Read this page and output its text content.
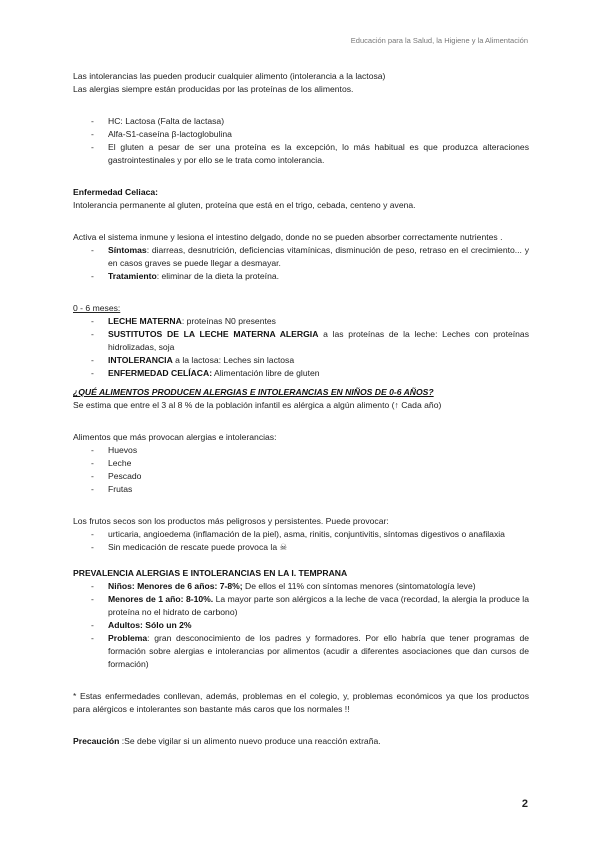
Educación para la Salud, la Higiene y la Alimentación

Las intolerancias las pueden producir cualquier alimento (intolerancia a la lactosa)

Las alergias siempre están producidas por las proteínas de los alimentos.

- HC: Lactosa (Falta de lactasa)
- Alfa-S1-caseína β-lactoglobulina
- El gluten a pesar de ser una proteína es la excepción, lo más habitual es que produzca alteraciones gastrointestinales y por ello se le trata como intolerancia.

Enfermedad Celiaca:

Intolerancia permanente al gluten, proteína que está en el trigo, cebada, centeno y avena.

Activa el sistema inmune y lesiona el intestino delgado, donde no se pueden absorber correctamente nutrientes .

- Síntomas: diarreas, desnutrición, deficiencias vitamínicas, disminución de peso, retraso en el crecimiento... y en casos graves se puede llegar a desmayar.
- Tratamiento: eliminar de la dieta la proteína.

0 - 6 meses:

- LECHE MATERNA: proteínas N0 presentes
- SUSTITUTOS DE LA LECHE MATERNA ALERGIA a las proteínas de la leche: Leches con proteínas hidrolizadas, soja
- INTOLERANCIA a la lactosa: Leches sin lactosa
- ENFERMEDAD CELÍACA: Alimentación libre de gluten

¿QUÉ ALIMENTOS PRODUCEN ALERGIAS E INTOLERANCIAS EN NIÑOS DE 0-6 AÑOS?

Se estima que entre el 3 al 8 % de la población infantil es alérgica a algún alimento (↑ Cada año)

Alimentos que más provocan alergias e intolerancias:

- Huevos
- Leche
- Pescado
- Frutas

Los frutos secos son los productos más peligrosos y persistentes. Puede provocar:

- urticaria, angioedema (inflamación de la piel), asma, rinitis, conjuntivitis, síntomas digestivos o anafilaxia
- Sin medicación de rescate puede provoca la ☠

PREVALENCIA ALERGIAS E INTOLERANCIAS EN LA I. TEMPRANA

- Niños: Menores de 6 años: 7-8%; De ellos el 11% con síntomas menores (sintomatología leve)
- Menores de 1 año: 8-10%. La mayor parte son alérgicos a la leche de vaca (recordad, la alergia la produce la proteína no el hidrato de carbono)
- Adultos: Sólo un 2%
- Problema: gran desconocimiento de los padres y formadores. Por ello habría que tener programas de formación sobre alergias e intolerancias por alimentos (acudir a diferentes asociaciones que dan cursos de formación)

* Estas enfermedades conllevan, además, problemas en el colegio, y, problemas económicos ya que los productos para alérgicos e intolerantes son bastante más caros que los normales !!

Precaución :Se debe vigilar si un alimento nuevo produce una reacción extraña.

2
